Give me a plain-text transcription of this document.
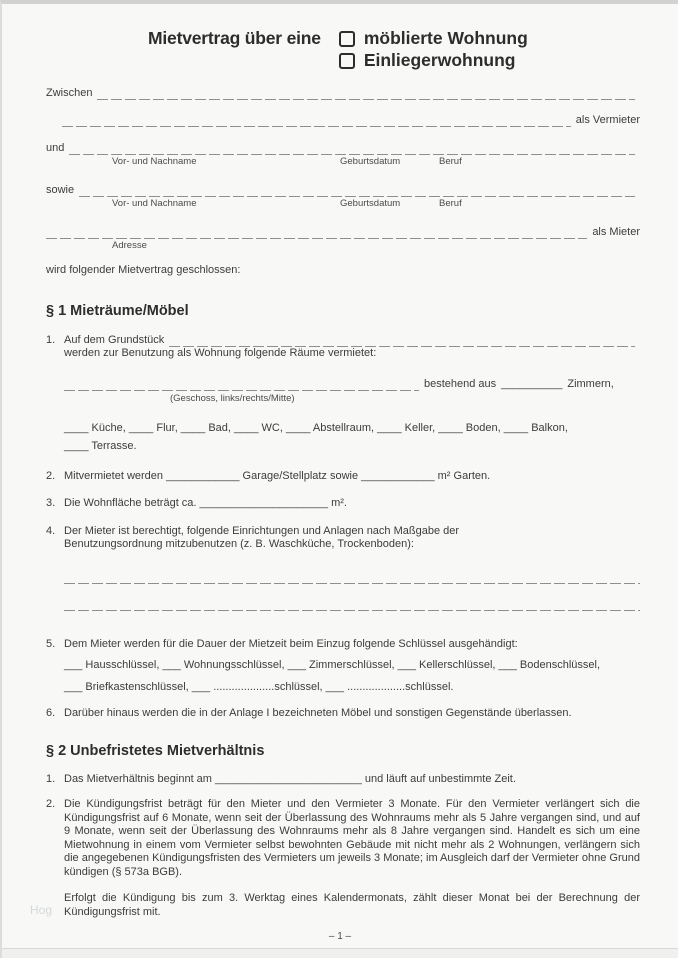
Mietvertrag über eine möblierte Wohnung
Einliegerwohnung
Zwischen
als Vermieter
und
Vor- und Nachname	Geburtsdatum	Beruf
sowie
Vor- und Nachname	Geburtsdatum	Beruf
als Mieter
Adresse
wird folgender Mietvertrag geschlossen:
§ 1 Mieträume/Möbel
1. Auf dem Grundstück
werden zur Benutzung als Wohnung folgende Räume vermietet:
bestehend aus __________ Zimmern,
(Geschoss, links/rechts/Mitte)
____ Küche, ____ Flur, ____ Bad, ____ WC, ____ Abstellraum, ____ Keller, ____ Boden, ____ Balkon,
____ Terrasse.
2. Mitvermietet werden ____________ Garage/Stellplatz sowie ____________ m² Garten.
3. Die Wohnfläche beträgt ca. _____________________ m².
4. Der Mieter ist berechtigt, folgende Einrichtungen und Anlagen nach Maßgabe der
Benutzungsordnung mitzubenutzen (z. B. Waschküche, Trockenboden):
5. Dem Mieter werden für die Dauer der Mietzeit beim Einzug folgende Schlüssel ausgehändigt:
___ Hausschlüssel, ___ Wohnungsschlüssel, ___ Zimmerschlüssel, ___ Kellerschlüssel, ___ Bodenschlüssel,
___ Briefkastenschlüssel, ___ ....................schlüssel, ___ ...................schlüssel.
6. Darüber hinaus werden die in der Anlage I bezeichneten Möbel und sonstigen Gegenstände überlassen.
§ 2 Unbefristetes Mietverhältnis
1. Das Mietverhältnis beginnt am ________________________ und läuft auf unbestimmte Zeit.
2. Die Kündigungsfrist beträgt für den Mieter und den Vermieter 3 Monate. Für den Vermieter verlängert sich die Kündigungsfrist auf 6 Monate, wenn seit der Überlassung des Wohnraums mehr als 5 Jahre vergangen sind, und auf 9 Monate, wenn seit der Überlassung des Wohnraums mehr als 8 Jahre vergangen sind. Handelt es sich um eine Mietwohnung in einem vom Vermieter selbst bewohnten Gebäude mit nicht mehr als 2 Wohnungen, verlängern sich die angegebenen Kündigungsfristen des Vermieters um jeweils 3 Monate; im Ausgleich darf der Vermieter ohne Grund kündigen (§ 573a BGB).
Erfolgt die Kündigung bis zum 3. Werktag eines Kalendermonats, zählt dieser Monat bei der Berechnung der Kündigungsfrist mit.
Hog
– 1 –
